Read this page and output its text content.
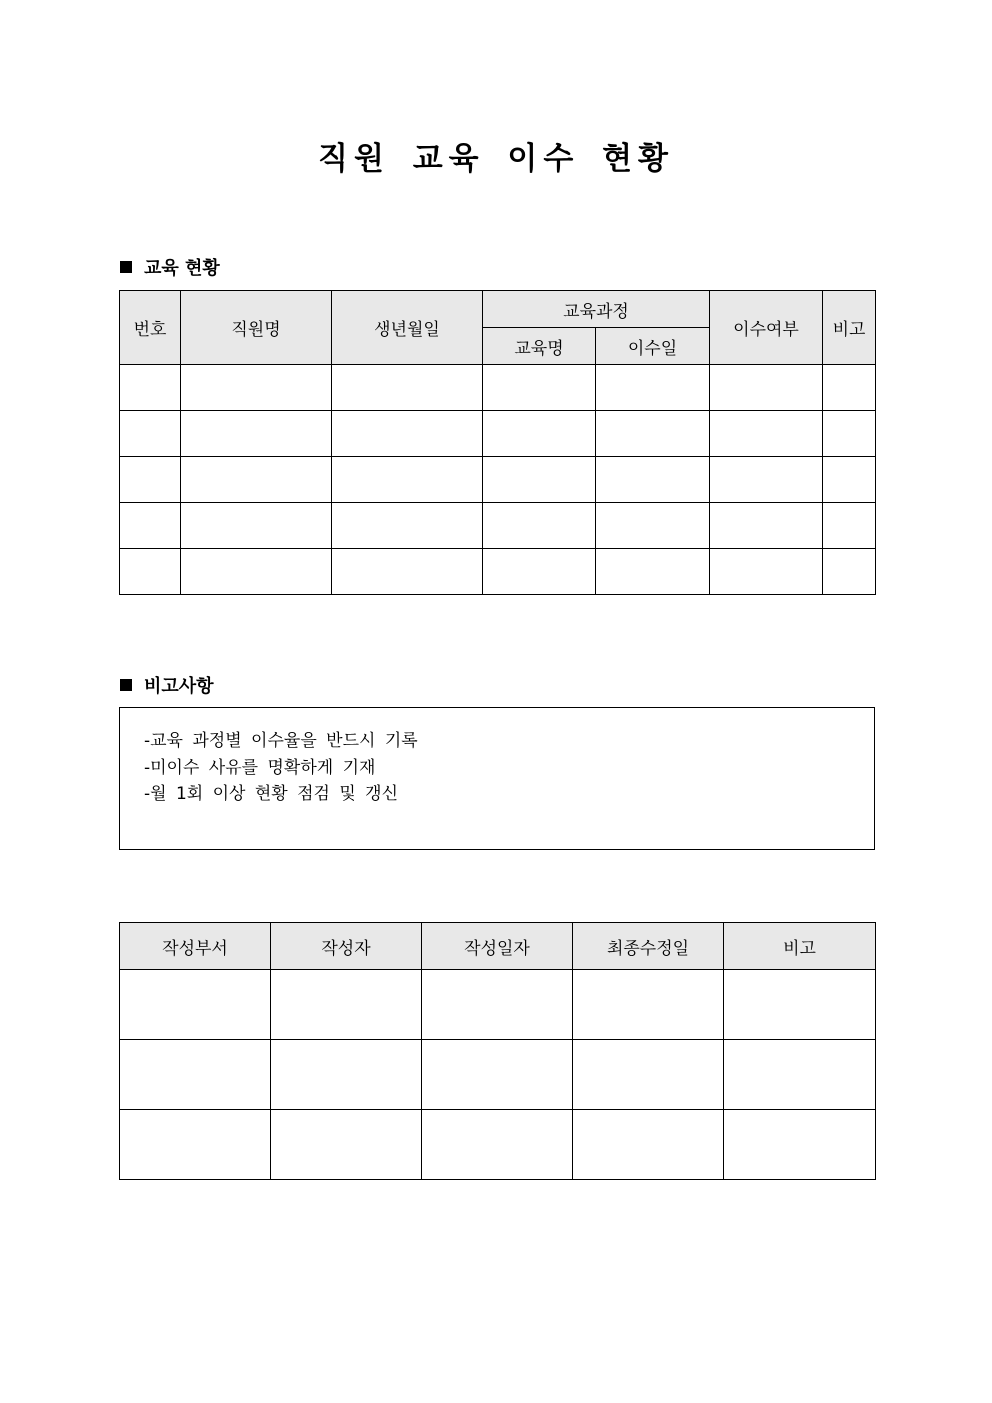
직원 교육 이수 현황
교육 현황
번호	직원명	생년월일	교육과정		이수여부	비고
			교육명	이수일		

비고사항
-교육 과정별 이수율을 반드시 기록
-미이수 사유를 명확하게 기재
-월 1회 이상 현황 점검 및 갱신
작성부서	작성자	작성일자	최종수정일	비고
